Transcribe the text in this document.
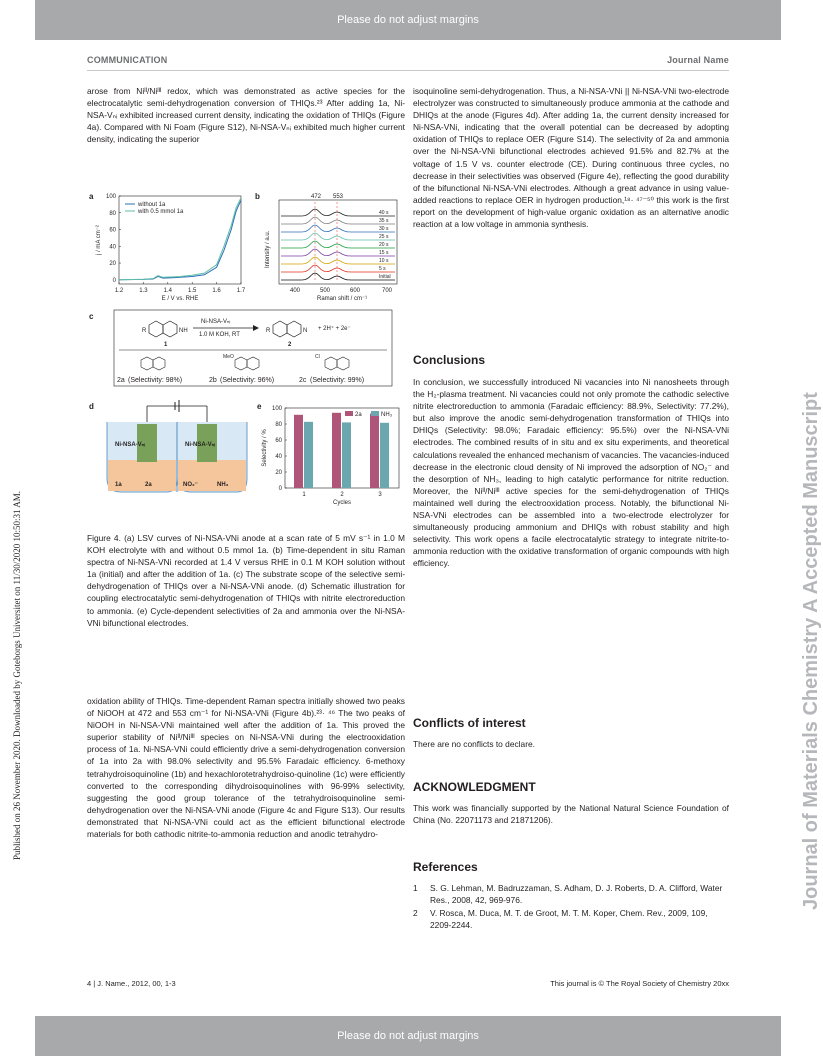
Please do not adjust margins
Published on 26 November 2020. Downloaded by Goteborgs Universitet on 11/30/2020 10:50:31 AM.	Journal of Materials Chemistry A Accepted Manuscript
COMMUNICATION	Journal Name

arose from Niᴵᴵ/Niᴵᴵᴵ redox, which was demonstrated as active species for the electrocatalytic semi-dehydrogenation conversion of THIQs.²³ After adding 1a, Ni-NSA-Vₙᵢ exhibited increased current density, indicating the oxidation of THIQs (Figure 4a). Compared with Ni Foam (Figure S12), Ni-NSA-Vₙᵢ exhibited much higher current density, indicating the superior

a
0
20
40
60
80
100
1.2	1.3	1.4	1.5	1.6	1.7
E / V vs. RHE
j / mA cm⁻²
without 1a
with 0.5 mmol 1a
b
40 s
35 s
30 s
25 s
20 s
15 s
10 s
5 s
Initial
472 553
400	500	600	700
Raman shift / cm⁻¹
Intensity / a.u.
c
R	NH
1
Ni-NSA-Vₙᵢ
1.0 M KOH, RT
R	N
2
+ 2H⁺ + 2e⁻
MeO	Cl
2a (Selectivity: 98%)	2b (Selectivity: 96%)	2c (Selectivity: 99%)
d
Ni-NSA-Vₙᵢ	Ni-NSA-Vₙᵢ
1a	2a	NO₂⁻	NH₃
e
0
20
40
60
80
100
1	2	3
Cycles
Selectivity / %
2a	NH₃
Figure 4. (a) LSV curves of Ni-NSA-VNi anode at a scan rate of 5 mV s⁻¹ in 1.0 M KOH electrolyte with and without 0.5 mmol 1a. (b) Time-dependent in situ Raman spectra of Ni-NSA-VNi recorded at 1.4 V versus RHE in 0.1 M KOH solution without 1a (initial) and after the addition of 1a. (c) The substrate scope of the selective semi-dehydrogenation of THIQs over a Ni-NSA-VNi anode. (d) Schematic illustration for coupling electrocatalytic semi-dehydrogenation of THIQs with nitrite electroreduction to ammonia. (e) Cycle-dependent selectivities of 2a and ammonia over the Ni-NSA-VNi bifunctional electrodes.

oxidation ability of THIQs. Time-dependent Raman spectra initially showed two peaks of NiOOH at 472 and 553 cm⁻¹ for Ni-NSA-VNi (Figure 4b).²³· ⁴⁶ The two peaks of NiOOH in Ni-NSA-VNi maintained well after the addition of 1a. This proved the superior stability of Niᴵᴵ/Niᴵᴵᴵ species on Ni-NSA-VNi during the electrooxidation process of 1a. Ni-NSA-VNi could efficiently drive a semi-dehydrogenation conversion of 1a into 2a with 98.0% selectivity and 95.5% Faradaic efficiency. 6-methoxy tetrahydroisoquinoline (1b) and hexachlorotetrahydroiso-quinoline (1c) were efficiently converted to the corresponding dihydroisoquinolines with 96-99% selectivity, suggesting the good group tolerance of the tetrahydroisoquinoline semi-dehydrogenation over the Ni-NSA-VNi anode (Figure 4c and Figure S13). Our results demonstrated that Ni-NSA-VNi could act as the efficient bifunctional electrode materials for both cathodic nitrite-to-ammonia reduction and anodic tetrahydro-

isoquinoline semi-dehydrogenation. Thus, a Ni-NSA-VNi || Ni-NSA-VNi two-electrode electrolyzer was constructed to simultaneously produce ammonia at the cathode and DHIQs at the anode (Figures 4d). After adding 1a, the current density increased for Ni-NSA-VNi, indicating that the overall potential can be decreased by adopting oxidation of THIQs to replace OER (Figure S14). The selectivity of 2a and ammonia over the Ni-NSA-VNi bifunctional electrodes achieved 91.5% and 82.7% at the voltage of 1.5 V vs. counter electrode (CE). During continuous three cycles, no decrease in their selectivities was observed (Figure 4e), reflecting the good durability of the bifunctional Ni-NSA-VNi electrodes. Although a great advance in using value-added reactions to replace OER in hydrogen production,¹⁸· ⁴⁷⁻⁵⁰ this work is the first report on the development of high-value organic oxidation as an alternative anodic reaction at a low voltage in ammonia synthesis.

Conclusions

In conclusion, we successfully introduced Ni vacancies into Ni nanosheets through the H₂-plasma treatment. Ni vacancies could not only promote the cathodic selective nitrite electroreduction to ammonia (Faradaic efficiency: 88.9%, Selectivity: 77.2%), but also improve the anodic semi-dehydrogenation transformation of THIQs into DHIQs (Selectivity: 98.0%; Faradaic efficiency: 95.5%) over the Ni-NSA-VNi electrodes. The combined results of in situ and ex situ experiments, and theoretical calculations revealed the enhanced mechanism of vacancies. The vacancies-induced decrease in the electronic cloud density of Ni improved the adsorption of NO₂⁻ and the desorption of NH₃, leading to high catalytic performance for nitrite reduction. Moreover, the Niᴵᴵ/Niᴵᴵᴵ active species for the semi-dehydrogenation of THIQs maintained well during the electrooxidation process. Notably, the bifunctional Ni-NSA-VNi electrodes can be assembled into a two-electrode electrolyzer for simultaneously producing ammonium and DHIQs with robust stability and high selectivity. This work opens a facile electrocatalytic strategy to integrate nitrite-to-ammonia reduction with the oxidative transformation of organic compounds with high efficiency.

Conflicts of interest

There are no conflicts to declare.

ACKNOWLEDGMENT

This work was financially supported by the National Natural Science Foundation of China (No. 22071173 and 21871206).

References
1 S. G. Lehman, M. Badruzzaman, S. Adham, D. J. Roberts, D. A. Clifford, Water Res., 2008, 42, 969-976.
2 V. Rosca, M. Duca, M. T. de Groot, M. T. M. Koper, Chem. Rev., 2009, 109, 2209-2244.
4 | J. Name., 2012, 00, 1-3	This journal is © The Royal Society of Chemistry 20xx
Please do not adjust margins
